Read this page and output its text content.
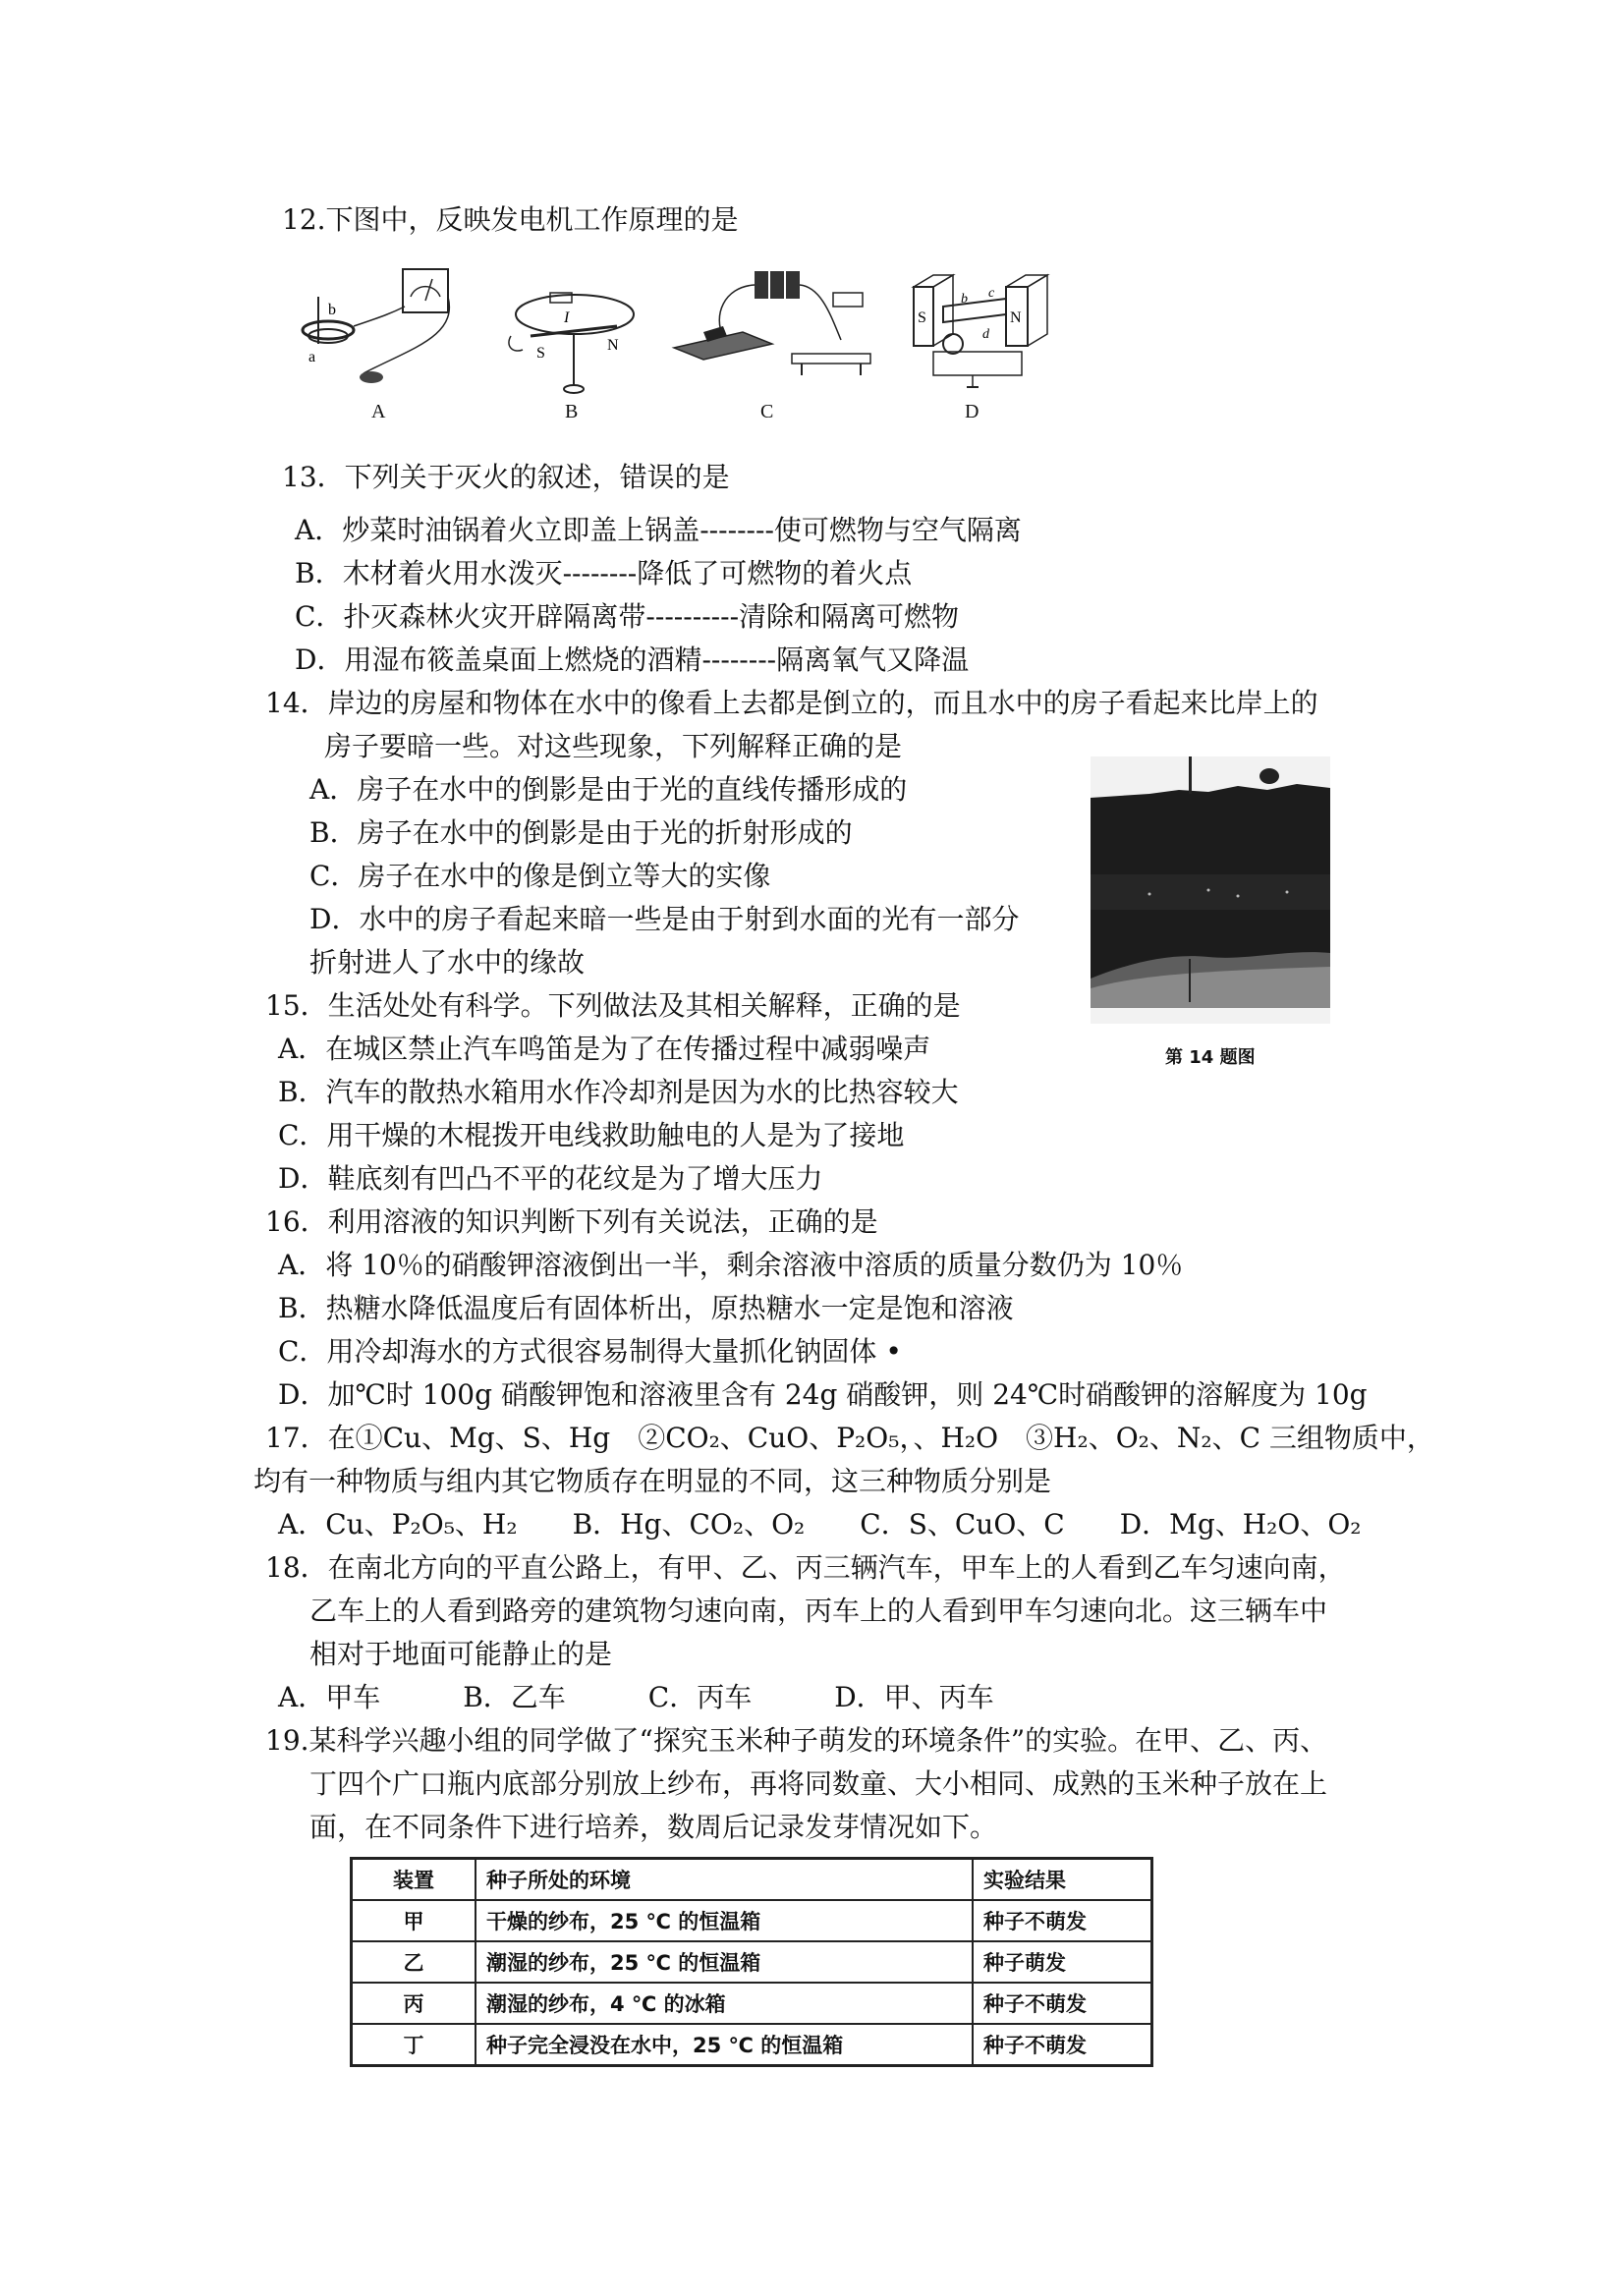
12.下图中，反映发电机工作原理的是
b
a
A
I
S	N
B	C
S	N
b c
d
D
13．下列关于灭火的叙述，错误的是
A．炒菜时油锅着火立即盖上锅盖--------使可燃物与空气隔离
B．木材着火用水泼灭--------降低了可燃物的着火点
C．扑灭森林火灾开辟隔离带----------清除和隔离可燃物
D．用湿布筱盖桌面上燃烧的酒精--------隔离氧气又降温
14．岸边的房屋和物体在水中的像看上去都是倒立的，而且水中的房子看起来比岸上的
房子要暗一些。对这些现象，下列解释正确的是
A．房子在水中的倒影是由于光的直线传播形成的
B．房子在水中的倒影是由于光的折射形成的
C．房子在水中的像是倒立等大的实像
D．水中的房子看起来暗一些是由于射到水面的光有一部分
折射进人了水中的缘故
第 14 题图
15．生活处处有科学。下列做法及其相关解释，正确的是
A．在城区禁止汽车鸣笛是为了在传播过程中减弱噪声
B．汽车的散热水箱用水作冷却剂是因为水的比热容较大
C．用干燥的木棍拨开电线救助触电的人是为了接地
D．鞋底刻有凹凸不平的花纹是为了增大压力
16．利用溶液的知识判断下列有关说法，正确的是
A．将 10％的硝酸钾溶液倒出一半，剩余溶液中溶质的质量分数仍为 10％
B．热糖水降低温度后有固体析出，原热糖水一定是饱和溶液
C．用冷却海水的方式很容易制得大量抓化钠固体 •
D．加℃时 100g 硝酸钾饱和溶液里含有 24g 硝酸钾，则 24℃时硝酸钾的溶解度为 10g
17．在①Cu、Mg、S、Hg　②CO₂、CuO、P₂O₅，、H₂O　③H₂、O₂、N₂、C 三组物质中，
均有一种物质与组内其它物质存在明显的不同，这三种物质分别是
A．Cu、P₂O₅、H₂　　B．Hg、CO₂、O₂　　C．S、CuO、C　　D．Mg、H₂O、O₂
18．在南北方向的平直公路上，有甲、乙、丙三辆汽车，甲车上的人看到乙车匀速向南，
乙车上的人看到路旁的建筑物匀速向南，丙车上的人看到甲车匀速向北。这三辆车中
相对于地面可能静止的是
A．甲车　　　B．乙车　　　C．丙车　　　D．甲、丙车
19.某科学兴趣小组的同学做了“探究玉米种子萌发的环境条件”的实验。在甲、乙、丙、
丁四个广口瓶内底部分别放上纱布，再将同数童、大小相同、成熟的玉米种子放在上
面，在不同条件下进行培养，数周后记录发芽情况如下。
装置	种子所处的环境	实验结果
甲	干燥的纱布，25 ℃ 的恒温箱	种子不萌发
乙	潮湿的纱布，25 ℃ 的恒温箱	种子萌发
丙	潮湿的纱布，4 ℃ 的冰箱	种子不萌发
丁	种子完全浸没在水中，25 ℃ 的恒温箱	种子不萌发
